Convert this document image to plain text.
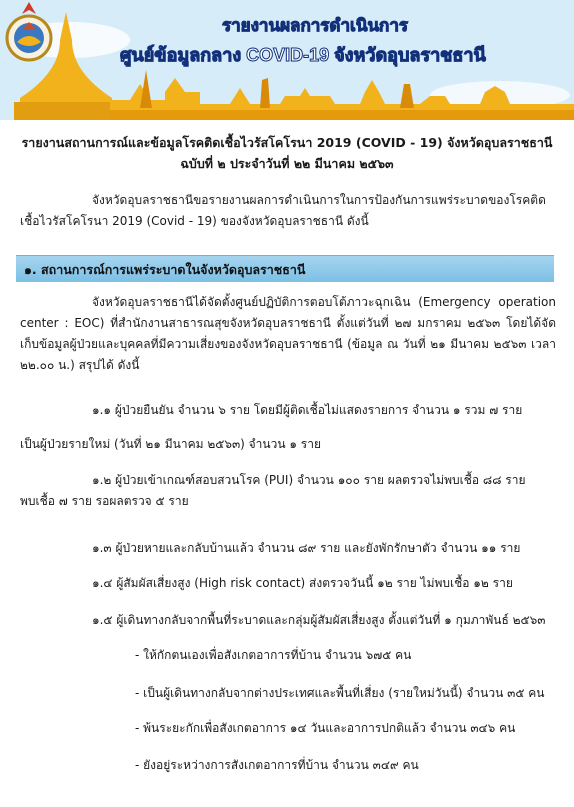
รายงานผลการดำเนินการ
ศูนย์ข้อมูลกลาง COVID-19 จังหวัดอุบลราชธานี
รายงานสถานการณ์และข้อมูลโรคติดเชื้อไวรัสโคโรนา 2019 (COVID - 19) จังหวัดอุบลราชธานี
ฉบับที่ ๒ ประจำวันที่ ๒๒ มีนาคม ๒๕๖๓
จังหวัดอุบลราชธานีขอรายงานผลการดำเนินการในการป้องกันการแพร่ระบาดของโรคติดเชื้อไวรัสโคโรนา 2019 (Covid - 19) ของจังหวัดอุบลราชธานี ดังนี้
๑. สถานการณ์การแพร่ระบาดในจังหวัดอุบลราชธานี
จังหวัดอุบลราชธานีได้จัดตั้งศูนย์ปฏิบัติการตอบโต้ภาวะฉุกเฉิน (Emergency operation center : EOC) ที่สำนักงานสาธารณสุขจังหวัดอุบลราชธานี ตั้งแต่วันที่ ๒๗ มกราคม ๒๕๖๓ โดยได้จัดเก็บข้อมูลผู้ป่วยและบุคคลที่มีความเสี่ยงของจังหวัดอุบลราชธานี (ข้อมูล ณ วันที่ ๒๑ มีนาคม ๒๕๖๓ เวลา ๒๒.๐๐ น.) สรุปได้ ดังนี้
๑.๑ ผู้ป่วยยืนยัน จำนวน ๖ ราย โดยมีผู้ติดเชื้อไม่แสดงรายการ จำนวน ๑ รวม ๗ ราย
เป็นผู้ป่วยรายใหม่ (วันที่ ๒๑ มีนาคม ๒๕๖๓) จำนวน ๑ ราย
๑.๒ ผู้ป่วยเข้าเกณฑ์สอบสวนโรค (PUI) จำนวน ๑๐๐ ราย ผลตรวจไม่พบเชื้อ ๘๘ ราย
พบเชื้อ ๗ ราย รอผลตรวจ ๕ ราย
๑.๓ ผู้ป่วยหายและกลับบ้านแล้ว จำนวน ๘๙ ราย และยังพักรักษาตัว จำนวน ๑๑ ราย
๑.๔ ผู้สัมผัสเสี่ยงสูง (High risk contact) ส่งตรวจวันนี้ ๑๒ ราย ไม่พบเชื้อ ๑๒ ราย
๑.๕ ผู้เดินทางกลับจากพื้นที่ระบาดและกลุ่มผู้สัมผัสเสี่ยงสูง ตั้งแต่วันที่ ๑ กุมภาพันธ์ ๒๕๖๓
- ให้กักตนเองเพื่อสังเกตอาการที่บ้าน จำนวน ๖๗๕ คน
- เป็นผู้เดินทางกลับจากต่างประเทศและพื้นที่เสี่ยง (รายใหม่วันนี้) จำนวน ๓๕ คน
- พ้นระยะกักเพื่อสังเกตอาการ ๑๔ วันและอาการปกติแล้ว จำนวน ๓๔๖ คน
- ยังอยู่ระหว่างการสังเกตอาการที่บ้าน จำนวน ๓๔๙ คน
